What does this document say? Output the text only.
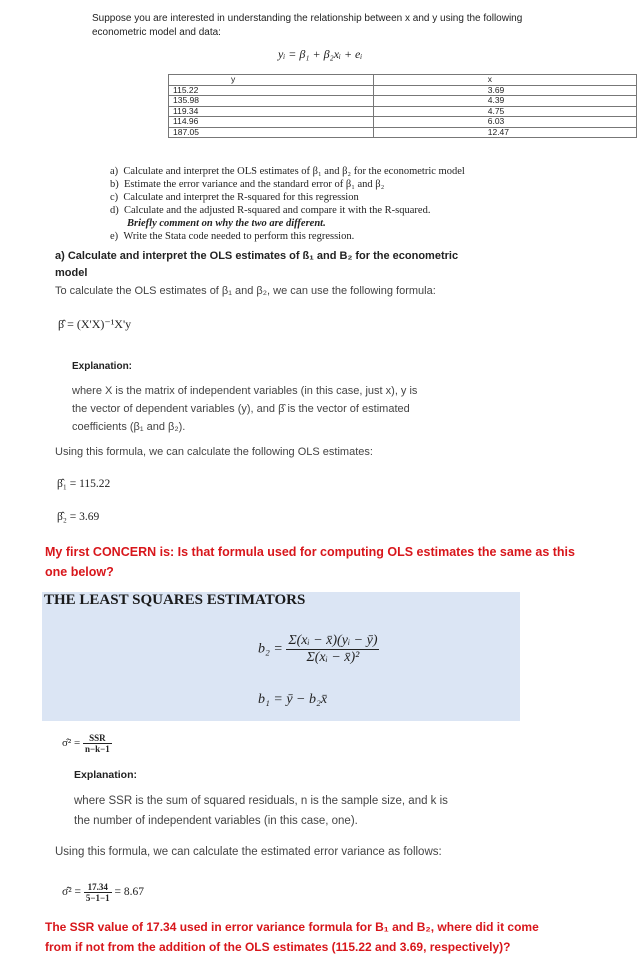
Suppose you are interested in understanding the relationship between x and y using the following
econometric model and data:
yᵢ = β₁ + β₂xᵢ + eᵢ
y	x
115.22	3.69
135.98	4.39
119.34	4.75
114.96	6.03
187.05	12.47
a) Calculate and interpret the OLS estimates of β₁ and β₂ for the econometric model
b) Estimate the error variance and the standard error of β₁ and β₂
c) Calculate and interpret the R-squared for this regression
d) Calculate and the adjusted R-squared and compare it with the R-squared.
Briefly comment on why the two are different.
e) Write the Stata code needed to perform this regression.
a) Calculate and interpret the OLS estimates of ß₁ and B₂ for the econometric
model
To calculate the OLS estimates of β₁ and β₂, we can use the following formula:
β̂ = (X'X)⁻¹X'y
Explanation:
where X is the matrix of independent variables (in this case, just x), y is
the vector of dependent variables (y), and β̂ is the vector of estimated
coefficients (β₁ and β₂).
Using this formula, we can calculate the following OLS estimates:
β̂₁ = 115.22
β̂₂ = 3.69
My first CONCERN is: Is that formula used for computing OLS estimates the same as this
one below?
THE LEAST SQUARES ESTIMATORS
$b_2 = \frac{\text{Σ(xᵢ − x̄)(yᵢ − ȳ)}}{\text{Σ(xᵢ − x̄)²}}$
b₁ = ȳ − b₂x̄
σ̂² = $\frac{\text{SSR}}{n-k-1}$
Explanation:
where SSR is the sum of squared residuals, n is the sample size, and k is
the number of independent variables (in this case, one).
Using this formula, we can calculate the estimated error variance as follows:
σ̂² = $\frac{17.34}{5-1-1} = 8.67$
The SSR value of 17.34 used in error variance formula for B₁ and B₂, where did it come
from if not from the addition of the OLS estimates (115.22 and 3.69, respectively)?
